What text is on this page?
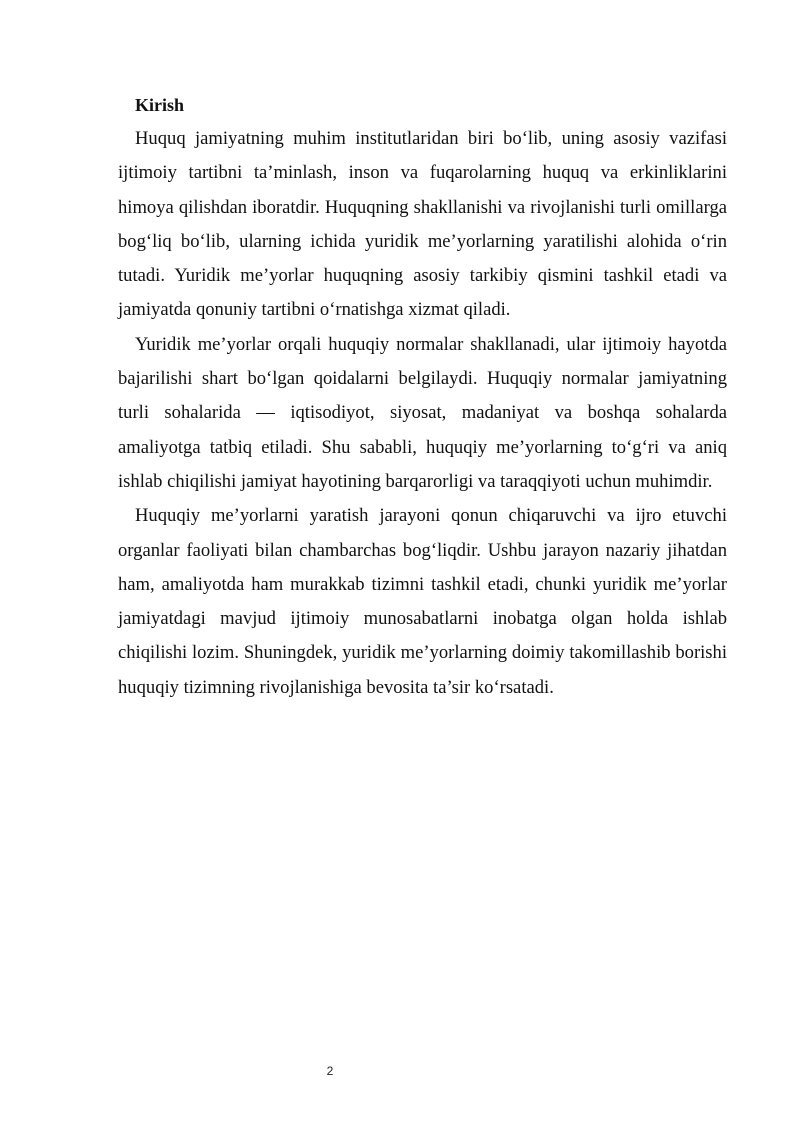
Kirish

Huquq jamiyatning muhim institutlaridan biri bo‘lib, uning asosiy vazifasi ijtimoiy tartibni ta’minlash, inson va fuqarolarning huquq va erkinliklarini himoya qilishdan iboratdir. Huquqning shakllanishi va rivojlanishi turli omillarga bog‘liq bo‘lib, ularning ichida yuridik me’yorlarning yaratilishi alohida o‘rin tutadi. Yuridik me’yorlar huquqning asosiy tarkibiy qismini tashkil etadi va jamiyatda qonuniy tartibni o‘rnatishga xizmat qiladi.

Yuridik me’yorlar orqali huquqiy normalar shakllanadi, ular ijtimoiy hayotda bajarilishi shart bo‘lgan qoidalarni belgilaydi. Huquqiy normalar jamiyatning turli sohalarida — iqtisodiyot, siyosat, madaniyat va boshqa sohalarda amaliyotga tatbiq etiladi. Shu sababli, huquqiy me’yorlarning to‘g‘ri va aniq ishlab chiqilishi jamiyat hayotining barqarorligi va taraqqiyoti uchun muhimdir.

Huquqiy me’yorlarni yaratish jarayoni qonun chiqaruvchi va ijro etuvchi organlar faoliyati bilan chambarchas bog‘liqdir. Ushbu jarayon nazariy jihatdan ham, amaliyotda ham murakkab tizimni tashkil etadi, chunki yuridik me’yorlar jamiyatdagi mavjud ijtimoiy munosabatlarni inobatga olgan holda ishlab chiqilishi lozim. Shuningdek, yuridik me’yorlarning doimiy takomillashib borishi huquqiy tizimning rivojlanishiga bevosita ta’sir ko‘rsatadi.

2
